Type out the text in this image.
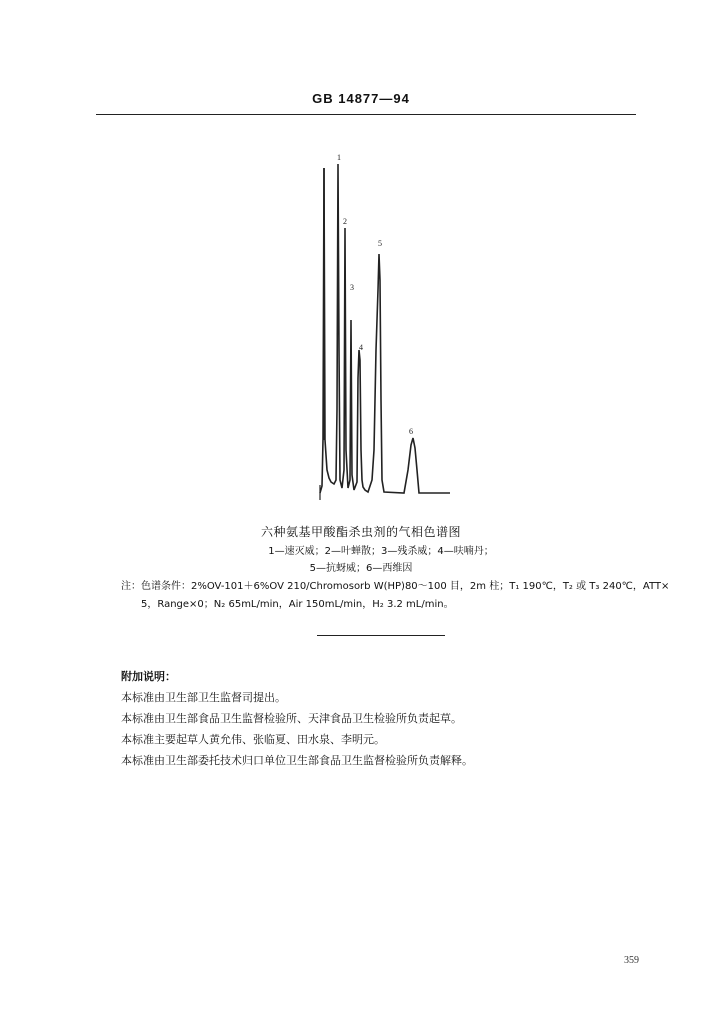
GB 14877—94
1
2
3
4
5
6
六种氨基甲酸酯杀虫剂的气相色谱图
1—速灭威；2—叶蝉散；3—残杀威；4—呋喃丹；
5—抗蚜威；6—西维因
注：色谱条件：2%OV-101＋6%OV 210/Chromosorb W(HP)80～100 目，2m 柱；T₁ 190℃，T₂ 或 T₃ 240℃，ATT×
5，Range×0；N₂ 65mL/min，Air 150mL/min，H₂ 3.2 mL/min。
附加说明：
本标准由卫生部卫生监督司提出。
本标准由卫生部食品卫生监督检验所、天津食品卫生检验所负责起草。
本标准主要起草人黄允伟、张临夏、田水泉、李明元。
本标准由卫生部委托技术归口单位卫生部食品卫生监督检验所负责解释。
359
